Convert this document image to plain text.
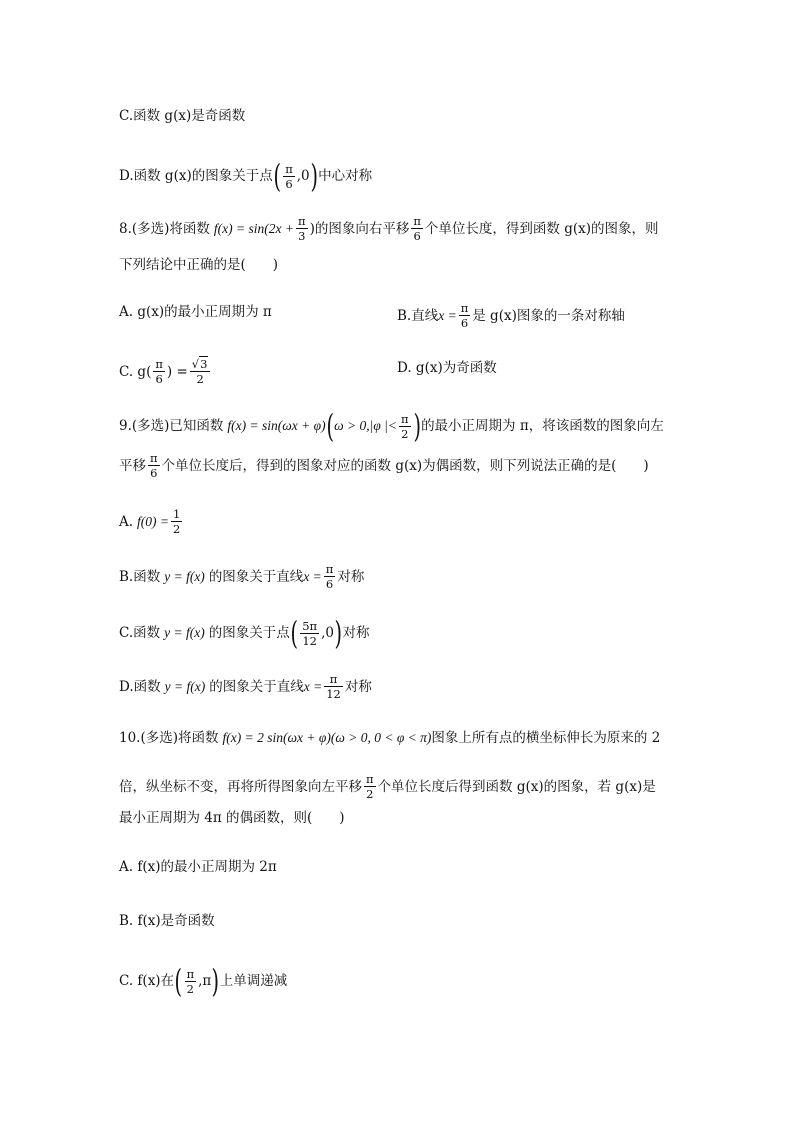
C.函数 g(x)是奇函数
D.函数 g(x)的图象关于点 ( $\frac{\pi}{6} ,0$ ) 中心对称
8.(多选)将函数 $f(x) = \sin(2x + \frac{\pi}{3}$ )的图象向右平移 $\frac{\pi}{6}$ 个单位长度，得到函数 g(x)的图象，则
下列结论中正确的是(　　)
A. g(x)的最小正周期为 π	B.直线 $x = \frac{\pi}{6}$ 是 g(x)图象的一条对称轴
C. $g( \frac{\pi}{6}$ ) = $\frac{√3}{2}$	D. g(x)为奇函数
9.(多选)已知函数 f(x) = sin(ωx + φ) ( ω > 0,|φ |< $\frac{\pi}{2}$ ) 的最小正周期为 π，将该函数的图象向左
平移 $\frac{\pi}{6}$ 个单位长度后，得到的图象对应的函数 g(x)为偶函数，则下列说法正确的是(　　)
A. $f(0) = \frac{1}{2}$
B.函数 y = f(x) 的图象关于直线 $x = \frac{\pi}{6}$ 对称
C.函数 y = f(x) 的图象关于点 ( $\frac{5\pi}{12} ,0$ ) 对称
D.函数 y = f(x) 的图象关于直线 $x = \frac{\pi}{12}$ 对称
10.(多选)将函数 f(x) = 2 sin(ωx + φ)(ω > 0, 0 < φ < π) 图象上所有点的横坐标伸长为原来的 2
倍，纵坐标不变，再将所得图象向左平移 $\frac{\pi}{2}$ 个单位长度后得到函数 g(x)的图象，若 g(x)是
最小正周期为 4π 的偶函数，则(　　)
A. f(x)的最小正周期为 2π
B. f(x)是奇函数
C. f(x)在 ( $\frac{\pi}{2} ,\pi$ ) 上单调递减
